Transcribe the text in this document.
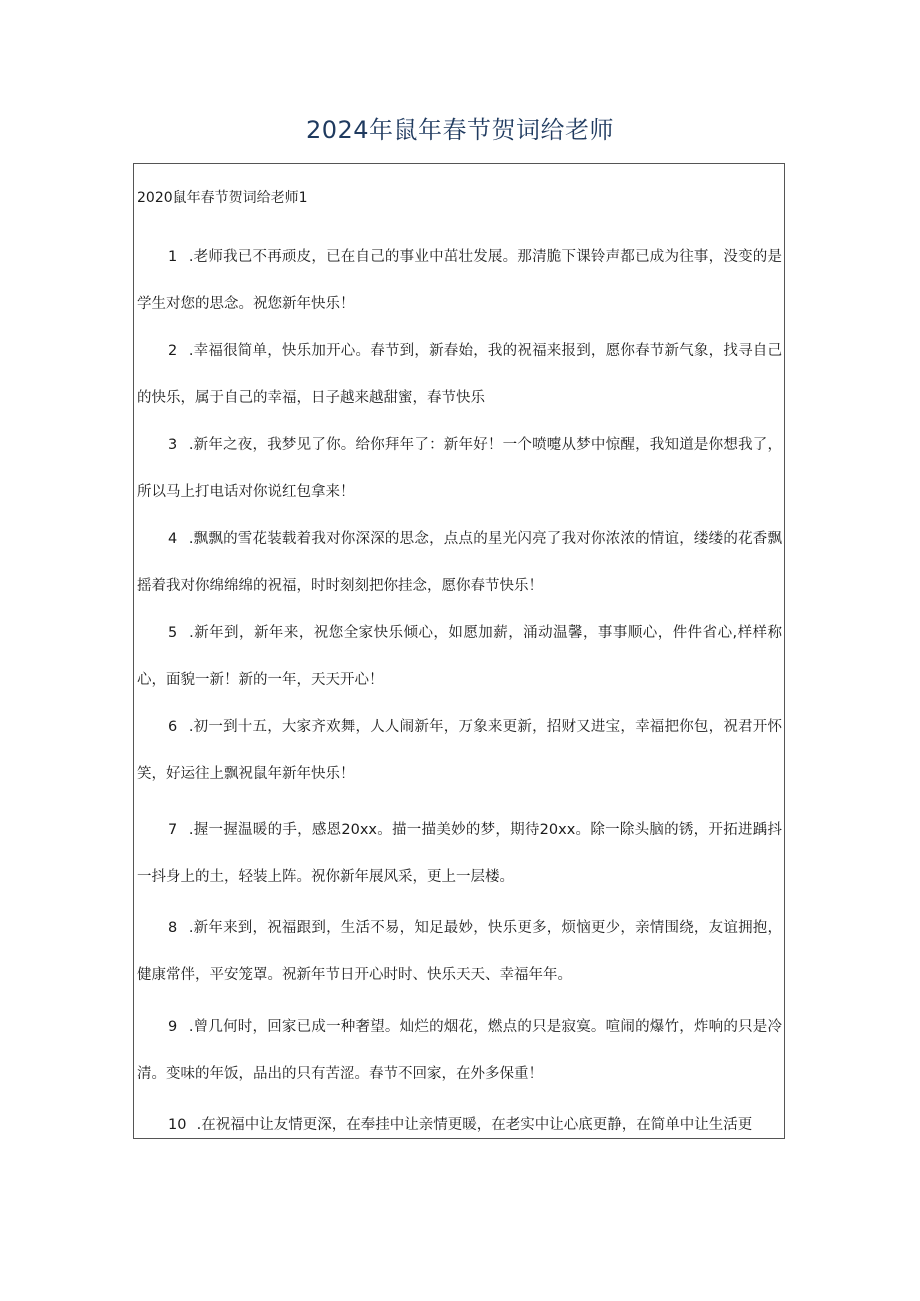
2024年鼠年春节贺词给老师
2020鼠年春节贺词给老师1
1 .老师我已不再顽皮，已在自己的事业中茁壮发展。那清脆下课铃声都已成为往事，没变的是学生对您的思念。祝您新年快乐！
2 .幸福很简单，快乐加开心。春节到，新春始，我的祝福来报到，愿你春节新气象，找寻自己的快乐，属于自己的幸福，日子越来越甜蜜，春节快乐
3 .新年之夜，我梦见了你。给你拜年了：新年好！一个喷嚏从梦中惊醒，我知道是你想我了，所以马上打电话对你说红包拿来！
4 .飘飘的雪花装载着我对你深深的思念，点点的星光闪亮了我对你浓浓的情谊，缕缕的花香飘摇着我对你绵绵绵的祝福，时时刻刻把你挂念，愿你春节快乐！
5 .新年到，新年来，祝您全家快乐倾心，如愿加薪，涌动温馨，事事顺心，件件省心,样样称心，面貌一新！新的一年，天天开心！
6 .初一到十五，大家齐欢舞，人人闹新年，万象来更新，招财又进宝，幸福把你包，祝君开怀笑，好运往上飘祝鼠年新年快乐！
7 .握一握温暖的手，感恩20xx。描一描美妙的梦，期待20xx。除一除头脑的锈，开拓进踽抖一抖身上的土，轻装上阵。祝你新年展风采，更上一层楼。
8 .新年来到，祝福跟到，生活不易，知足最妙，快乐更多，烦恼更少，亲情围绕，友谊拥抱，健康常伴，平安笼罩。祝新年节日开心时时、快乐天天、幸福年年。
9 .曾几何时，回家已成一种奢望。灿烂的烟花，燃点的只是寂寞。喧闹的爆竹，炸响的只是冷清。变味的年饭，品出的只有苦涩。春节不回家，在外多保重！
10 .在祝福中让友情更深，在奉挂中让亲情更暖，在老实中让心底更静，在简单中让生活更
